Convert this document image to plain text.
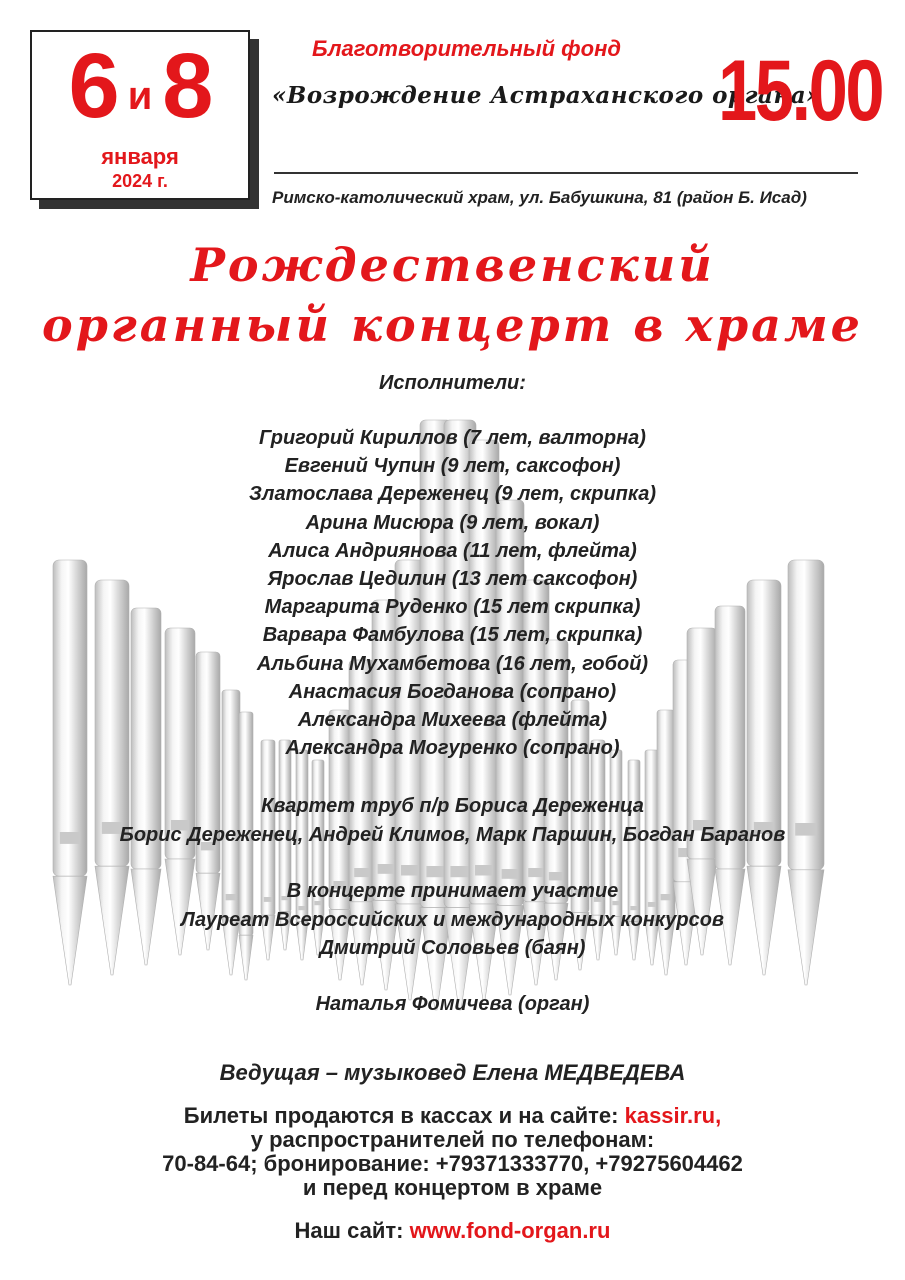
6 и 8
января
2024 г.
Благотворительный фонд
«Возрождение Астраханского органа»
15.00
Римско-католический храм, ул. Бабушкина, 81 (район Б. Исад)
Рождественский
органный концерт в храме
Исполнители:
Григорий Кириллов (7 лет, валторна)
Евгений Чупин (9 лет, саксофон)
Златослава Дереженец (9 лет, скрипка)
Арина Мисюра (9 лет, вокал)
Алиса Андриянова (11 лет, флейта)
Ярослав Цедилин (13 лет саксофон)
Маргарита Руденко (15 лет скрипка)
Варвара Фамбулова (15 лет, скрипка)
Альбина Мухамбетова (16 лет, гобой)
Анастасия Богданова (сопрано)
Александра Михеева (флейта)
Александра Могуренко (сопрано)
Квартет труб п/р Бориса Дереженца
Борис Дереженец, Андрей Климов, Марк Паршин, Богдан Баранов
В концерте принимает участие
Лауреат Всероссийских и международных конкурсов
Дмитрий Соловьев (баян)
Наталья Фомичева (орган)
Ведущая – музыковед Елена МЕДВЕДЕВА
Билеты продаются в кассах и на сайте: kassir.ru,
у распространителей по телефонам:
70-84-64; бронирование: +79371333770, +79275604462
и перед концертом в храме
Наш сайт: www.fond-organ.ru
